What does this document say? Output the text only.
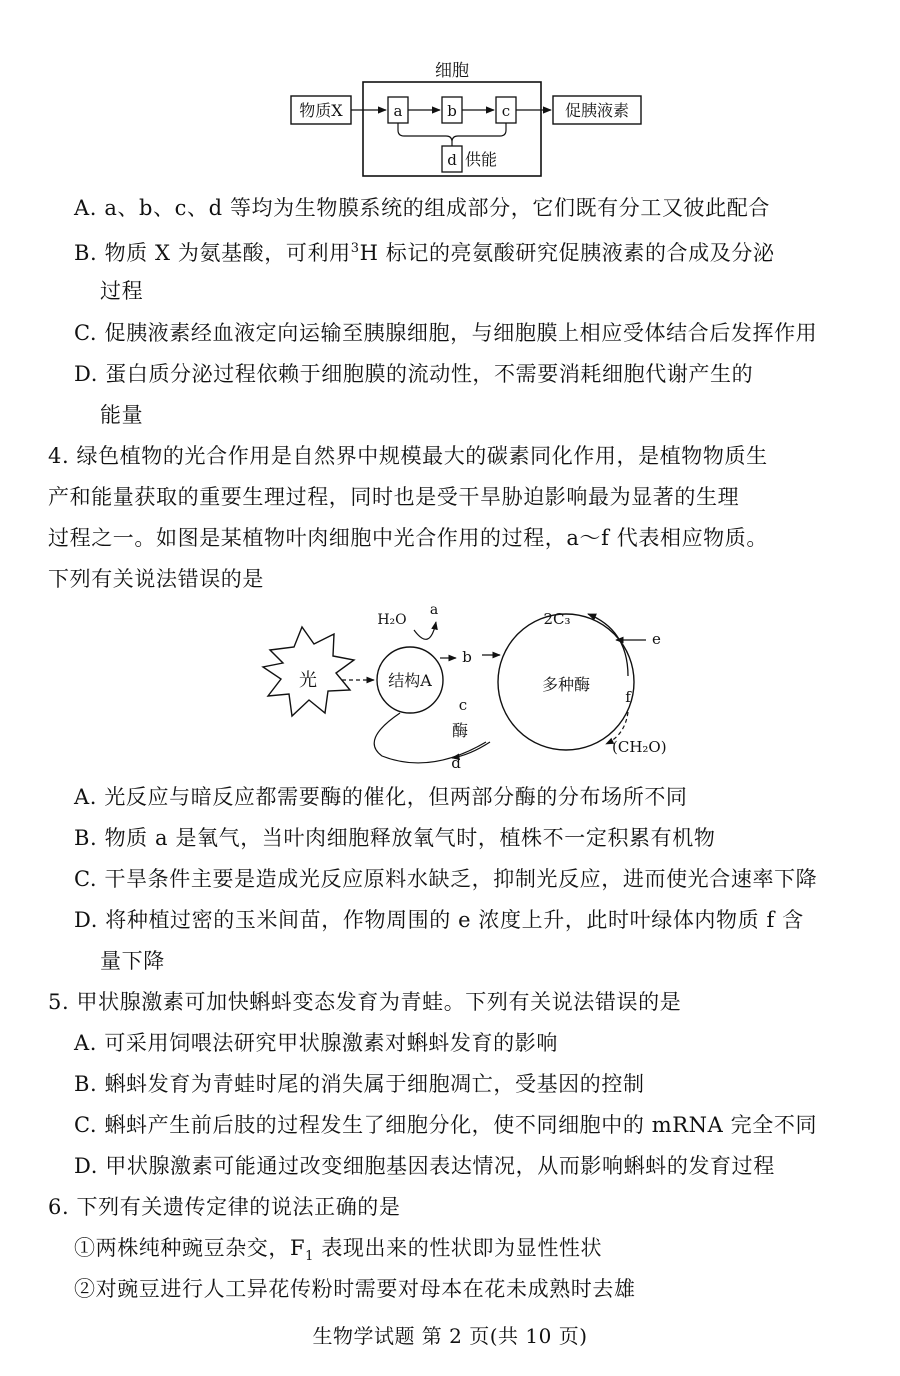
细胞
物质X	a	b	c	促胰液素
d 供能
A. a、b、c、d 等均为生物膜系统的组成部分，它们既有分工又彼此配合
B. 物质 X 为氨基酸，可利用$^3$H 标记的亮氨酸研究促胰液素的合成及分泌
过程
C. 促胰液素经血液定向运输至胰腺细胞，与细胞膜上相应受体结合后发挥作用
D. 蛋白质分泌过程依赖于细胞膜的流动性，不需要消耗细胞代谢产生的
能量
4. 绿色植物的光合作用是自然界中规模最大的碳素同化作用，是植物物质生
产和能量获取的重要生理过程，同时也是受干旱胁迫影响最为显著的生理
过程之一。如图是某植物叶肉细胞中光合作用的过程，a～f 代表相应物质。
下列有关说法错误的是
光	结构A
H₂O
a
b
c
酶
d
多种酶
2C₃
e
f
(CH₂O)
A. 光反应与暗反应都需要酶的催化，但两部分酶的分布场所不同
B. 物质 a 是氧气，当叶肉细胞释放氧气时，植株不一定积累有机物
C. 干旱条件主要是造成光反应原料水缺乏，抑制光反应，进而使光合速率下降
D. 将种植过密的玉米间苗，作物周围的 e 浓度上升，此时叶绿体内物质 f 含
量下降
5. 甲状腺激素可加快蝌蚪变态发育为青蛙。下列有关说法错误的是
A. 可采用饲喂法研究甲状腺激素对蝌蚪发育的影响
B. 蝌蚪发育为青蛙时尾的消失属于细胞凋亡，受基因的控制
C. 蝌蚪产生前后肢的过程发生了细胞分化，使不同细胞中的 mRNA 完全不同
D. 甲状腺激素可能通过改变细胞基因表达情况，从而影响蝌蚪的发育过程
6. 下列有关遗传定律的说法正确的是
①两株纯种豌豆杂交，$F_1$ 表现出来的性状即为显性性状
②对豌豆进行人工异花传粉时需要对母本在花未成熟时去雄
生物学试题 第 2 页(共 10 页)
